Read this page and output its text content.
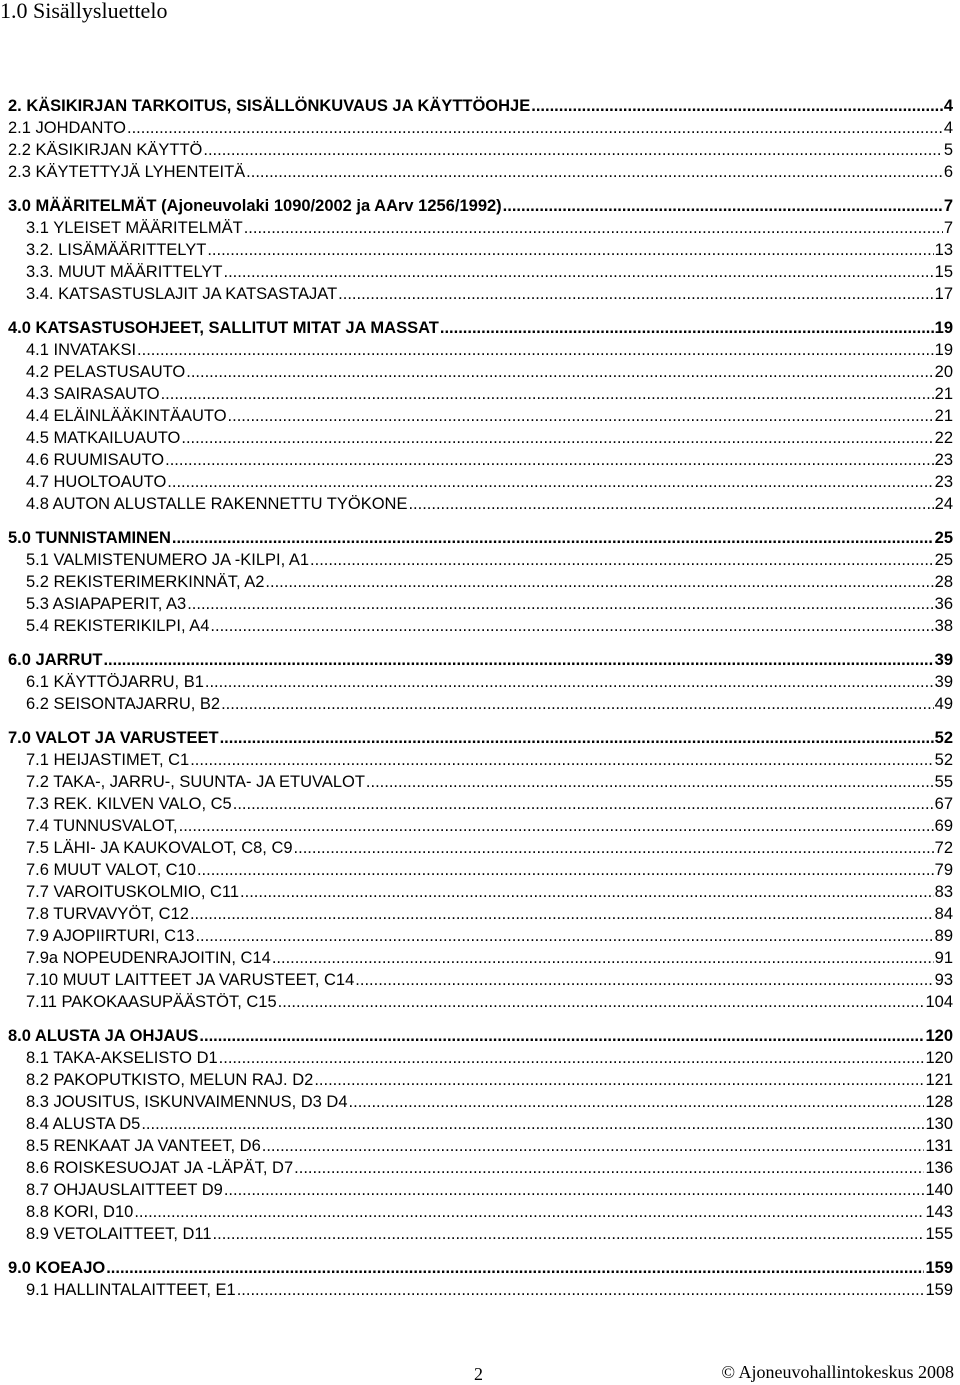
1.0 Sisällysluettelo
2. KÄSIKIRJAN TARKOITUS, SISÄLLÖNKUVAUS JA KÄYTTÖOHJE .....	4
2.1 JOHDANTO .....	4
2.2 KÄSIKIRJAN KÄYTTÖ .....	5
2.3 KÄYTETTYJÄ LYHENTEITÄ .....	6
3.0 MÄÄRITELMÄT (Ajoneuvolaki 1090/2002 ja AArv 1256/1992) .....	7
3.1 YLEISET MÄÄRITELMÄT .....	7
3.2. LISÄMÄÄRITTELYT .....	13
3.3. MUUT MÄÄRITTELYT .....	15
3.4. KATSASTUSLAJIT JA KATSASTAJAT .....	17
4.0 KATSASTUSOHJEET, SALLITUT MITAT JA MASSAT .....	19
4.1 INVATAKSI .....	19
4.2 PELASTUSAUTO .....	20
4.3 SAIRASAUTO .....	21
4.4 ELÄINLÄÄKINTÄAUTO .....	21
4.5 MATKAILUAUTO .....	22
4.6 RUUMISAUTO .....	23
4.7 HUOLTOAUTO .....	23
4.8 AUTON ALUSTALLE RAKENNETTU TYÖKONE .....	24
5.0 TUNNISTAMINEN .....	25
5.1 VALMISTENUMERO JA -KILPI, A1 .....	25
5.2 REKISTERIMERKINNÄT, A2 .....	28
5.3 ASIAPAPERIT, A3 .....	36
5.4 REKISTERIKILPI, A4 .....	38
6.0 JARRUT .....	39
6.1 KÄYTTÖJARRU, B1 .....	39
6.2 SEISONTAJARRU, B2 .....	49
7.0 VALOT JA VARUSTEET .....	52
7.1 HEIJASTIMET, C1 .....	52
7.2 TAKA-, JARRU-, SUUNTA- JA ETUVALOT .....	55
7.3 REK. KILVEN VALO, C5 .....	67
7.4 TUNNUSVALOT, .....	69
7.5 LÄHI- JA KAUKOVALOT, C8, C9 .....	72
7.6 MUUT VALOT, C10 .....	79
7.7 VAROITUSKOLMIO, C11 .....	83
7.8 TURVAVYÖT, C12 .....	84
7.9 AJOPIIRTURI, C13 .....	89
7.9a NOPEUDENRAJOITIN, C14 .....	91
7.10 MUUT LAITTEET JA VARUSTEET, C14 .....	93
7.11 PAKOKAASUPÄÄSTÖT, C15 .....	104
8.0 ALUSTA JA OHJAUS .....	120
8.1 TAKA-AKSELISTO D1 .....	120
8.2 PAKOPUTKISTO, MELUN RAJ. D2 .....	121
8.3 JOUSITUS, ISKUNVAIMENNUS, D3 D4 .....	128
8.4 ALUSTA D5 .....	130
8.5 RENKAAT JA VANTEET, D6 .....	131
8.6 ROISKESUOJAT JA -LÄPÄT, D7 .....	136
8.7 OHJAUSLAITTEET D9 .....	140
8.8 KORI, D10 .....	143
8.9 VETOLAITTEET, D11 .....	155
9.0 KOEAJO .....	159
9.1 HALLINTALAITTEET, E1 .....	159
2	© Ajoneuvohallintokeskus 2008
